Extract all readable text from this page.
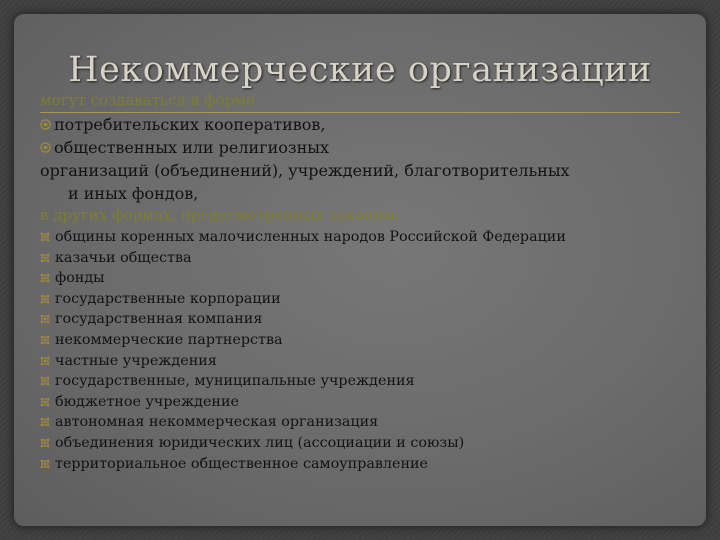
Некоммерческие организации
могут создаваться в форме
потребительских кооперативов,
общественных или религиозных
организаций (объединений), учреждений, благотворительных
и иных фондов,
в других формах, предусмотренных законом:
общины коренных малочисленных народов Российской Федерации
казачьи общества
фонды
государственные корпорации
государственная компания
некоммерческие партнерства
частные учреждения
государственные, муниципальные учреждения
бюджетное учреждение
автономная некоммерческая организация
объединения юридических лиц (ассоциации и союзы)
территориальное общественное самоуправление
